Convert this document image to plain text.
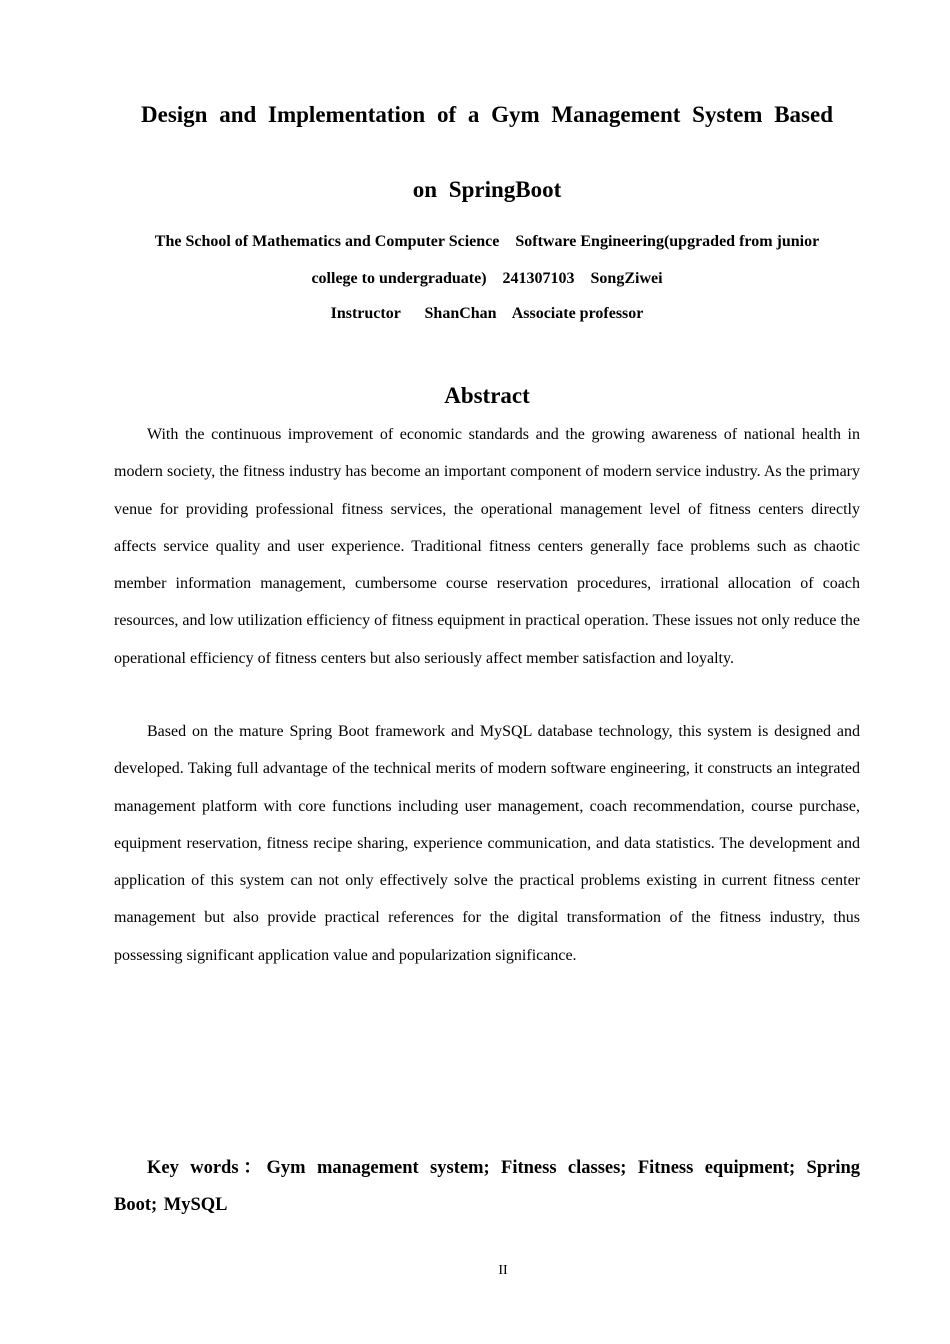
Design and Implementation of a Gym Management System Based
on SpringBoot
The School of Mathematics and Computer Science    Software Engineering(upgraded from junior
college to undergraduate)    241307103    SongZiwei
Instructor      ShanChan    Associate professor
Abstract

With the continuous improvement of economic standards and the growing awareness of national health in modern society, the fitness industry has become an important component of modern service industry. As the primary venue for providing professional fitness services, the operational management level of fitness centers directly affects service quality and user experience. Traditional fitness centers generally face problems such as chaotic member information management, cumbersome course reservation procedures, irrational allocation of coach resources, and low utilization efficiency of fitness equipment in practical operation. These issues not only reduce the operational efficiency of fitness centers but also seriously affect member satisfaction and loyalty.

Based on the mature Spring Boot framework and MySQL database technology, this system is designed and developed. Taking full advantage of the technical merits of modern software engineering, it constructs an integrated management platform with core functions including user management, coach recommendation, course purchase, equipment reservation, fitness recipe sharing, experience communication, and data statistics. The development and application of this system can not only effectively solve the practical problems existing in current fitness center management but also provide practical references for the digital transformation of the fitness industry, thus possessing significant application value and popularization significance.

Key words：Gym management system; Fitness classes; Fitness equipment; Spring Boot; MySQL

II
